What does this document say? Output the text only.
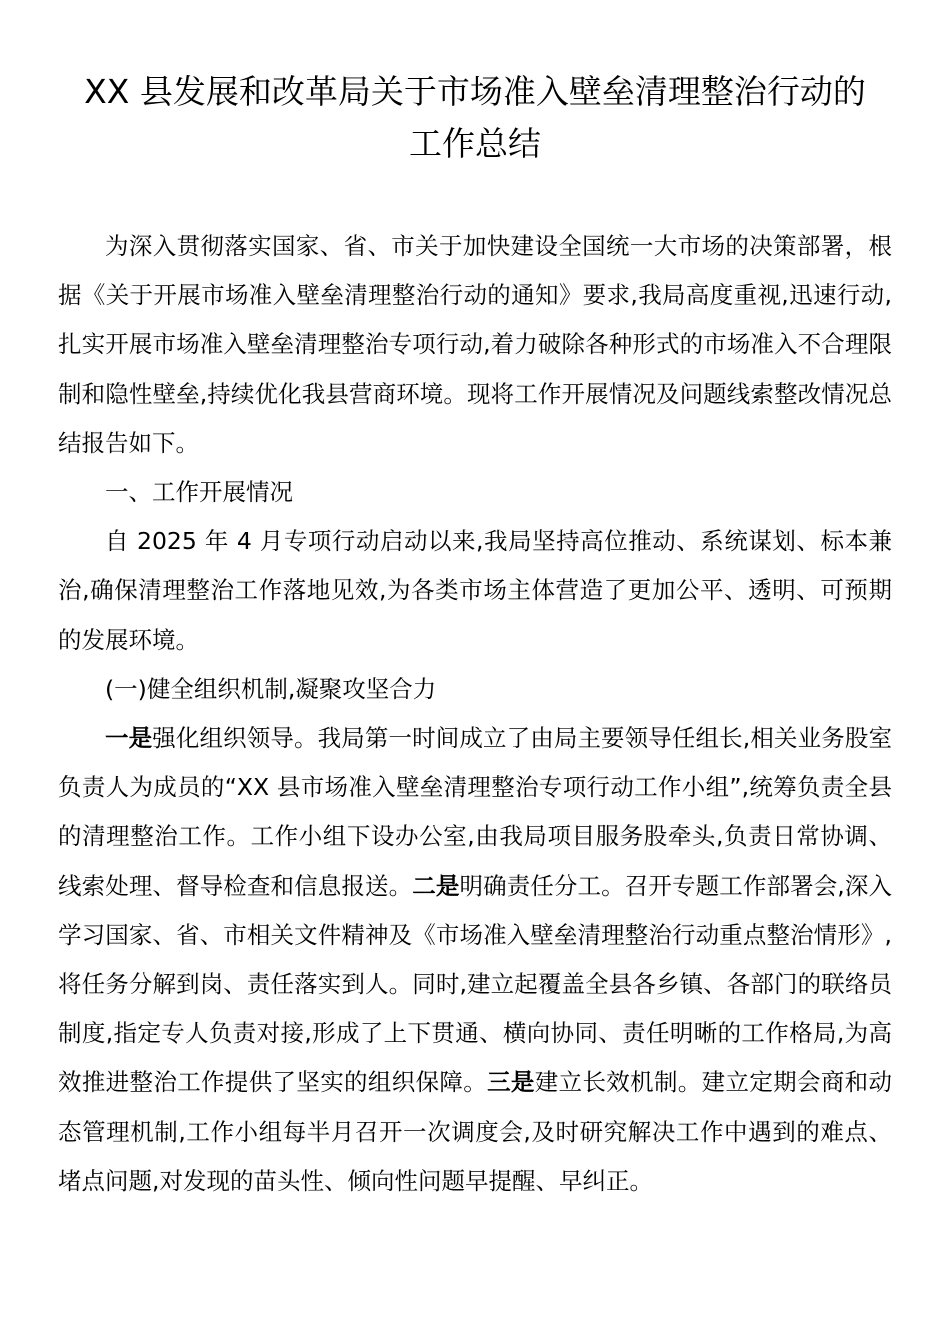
XX 县发展和改革局关于市场准入壁垒清理整治行动的
工作总结

为深入贯彻落实国家、省、市关于加快建设全国统一大市场的决策部署，根据《关于开展市场准入壁垒清理整治行动的通知》要求,我局高度重视,迅速行动,扎实开展市场准入壁垒清理整治专项行动,着力破除各种形式的市场准入不合理限制和隐性壁垒,持续优化我县营商环境。现将工作开展情况及问题线索整改情况总结报告如下。

一、工作开展情况

自 2025 年 4 月专项行动启动以来,我局坚持高位推动、系统谋划、标本兼治,确保清理整治工作落地见效,为各类市场主体营造了更加公平、透明、可预期的发展环境。

(一)健全组织机制,凝聚攻坚合力

一是强化组织领导。我局第一时间成立了由局主要领导任组长,相关业务股室负责人为成员的“XX 县市场准入壁垒清理整治专项行动工作小组”,统筹负责全县的清理整治工作。工作小组下设办公室,由我局项目服务股牵头,负责日常协调、线索处理、督导检查和信息报送。二是明确责任分工。召开专题工作部署会,深入学习国家、省、市相关文件精神及《市场准入壁垒清理整治行动重点整治情形》,将任务分解到岗、责任落实到人。同时,建立起覆盖全县各乡镇、各部门的联络员制度,指定专人负责对接,形成了上下贯通、横向协同、责任明晰的工作格局,为高效推进整治工作提供了坚实的组织保障。三是建立长效机制。建立定期会商和动态管理机制,工作小组每半月召开一次调度会,及时研究解决工作中遇到的难点、堵点问题,对发现的苗头性、倾向性问题早提醒、早纠正。
